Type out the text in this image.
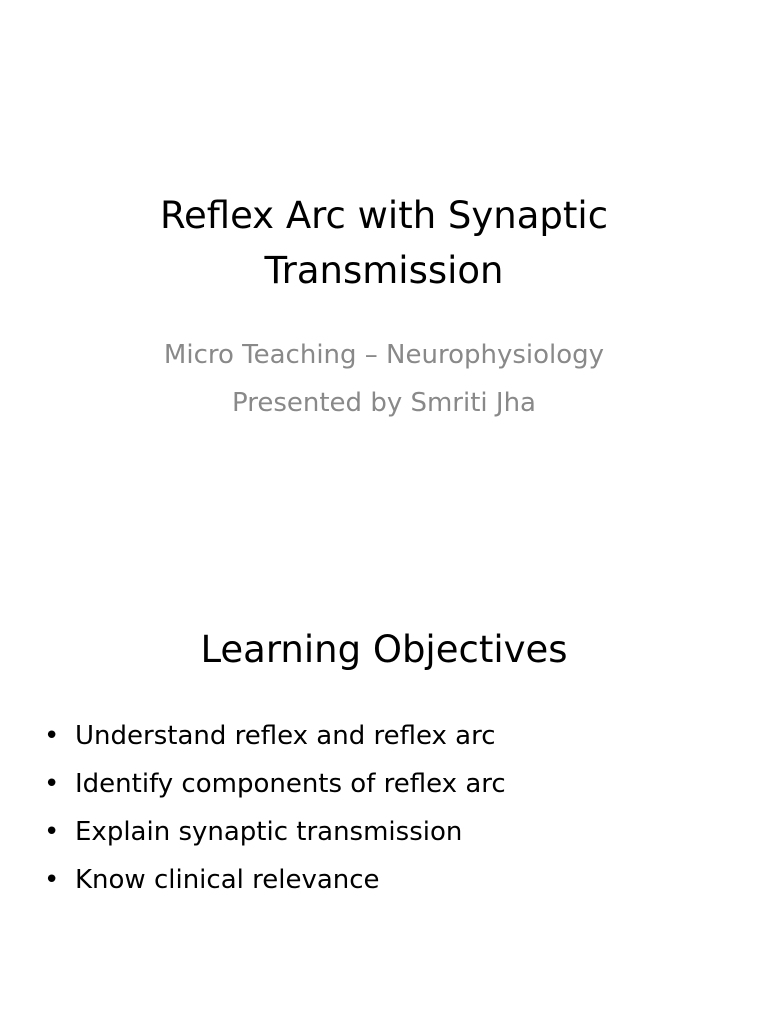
Reflex Arc with Synaptic
Transmission
Micro Teaching – Neurophysiology
Presented by Smriti Jha
Learning Objectives
• Understand reflex and reflex arc
• Identify components of reflex arc
• Explain synaptic transmission
• Know clinical relevance
